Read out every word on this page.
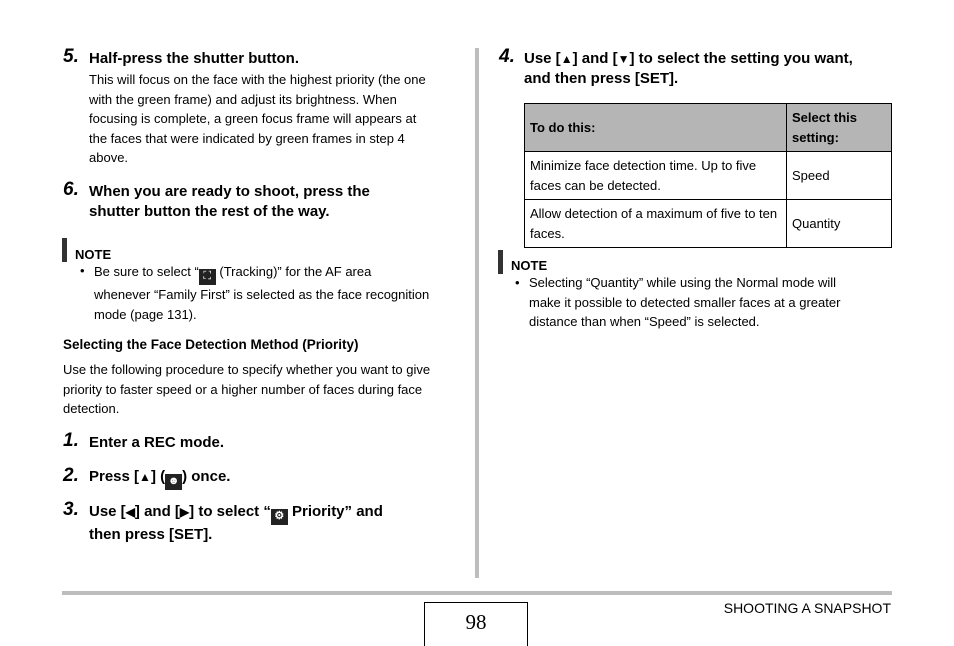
5. Half-press the shutter button.
This will focus on the face with the highest priority (the one
with the green frame) and adjust its brightness. When
focusing is complete, a green focus frame will appears at
the faces that were indicated by green frames in step 4
above.
6. When you are ready to shoot, press the
shutter button the rest of the way.
NOTE
• Be sure to select “ ⛶ (Tracking)” for the AF area
whenever “Family First” is selected as the face recognition
mode (page 131).
Selecting the Face Detection Method (Priority)
Use the following procedure to specify whether you want to give
priority to faster speed or a higher number of faces during face
detection.
1. Enter a REC mode.
2. Press [▲] ( ☻ ) once.
3. Use [◀] and [▶] to select “ ⚙ Priority” and
then press [SET].
4. Use [▲] and [▼] to select the setting you want,
and then press [SET].
To do this:	Select this setting:
Minimize face detection time. Up to five faces can be detected.	Speed
Allow detection of a maximum of five to ten faces.	Quantity
NOTE
• Selecting “Quantity” while using the Normal mode will
make it possible to detected smaller faces at a greater
distance than when “Speed” is selected.
98
SHOOTING A SNAPSHOT
